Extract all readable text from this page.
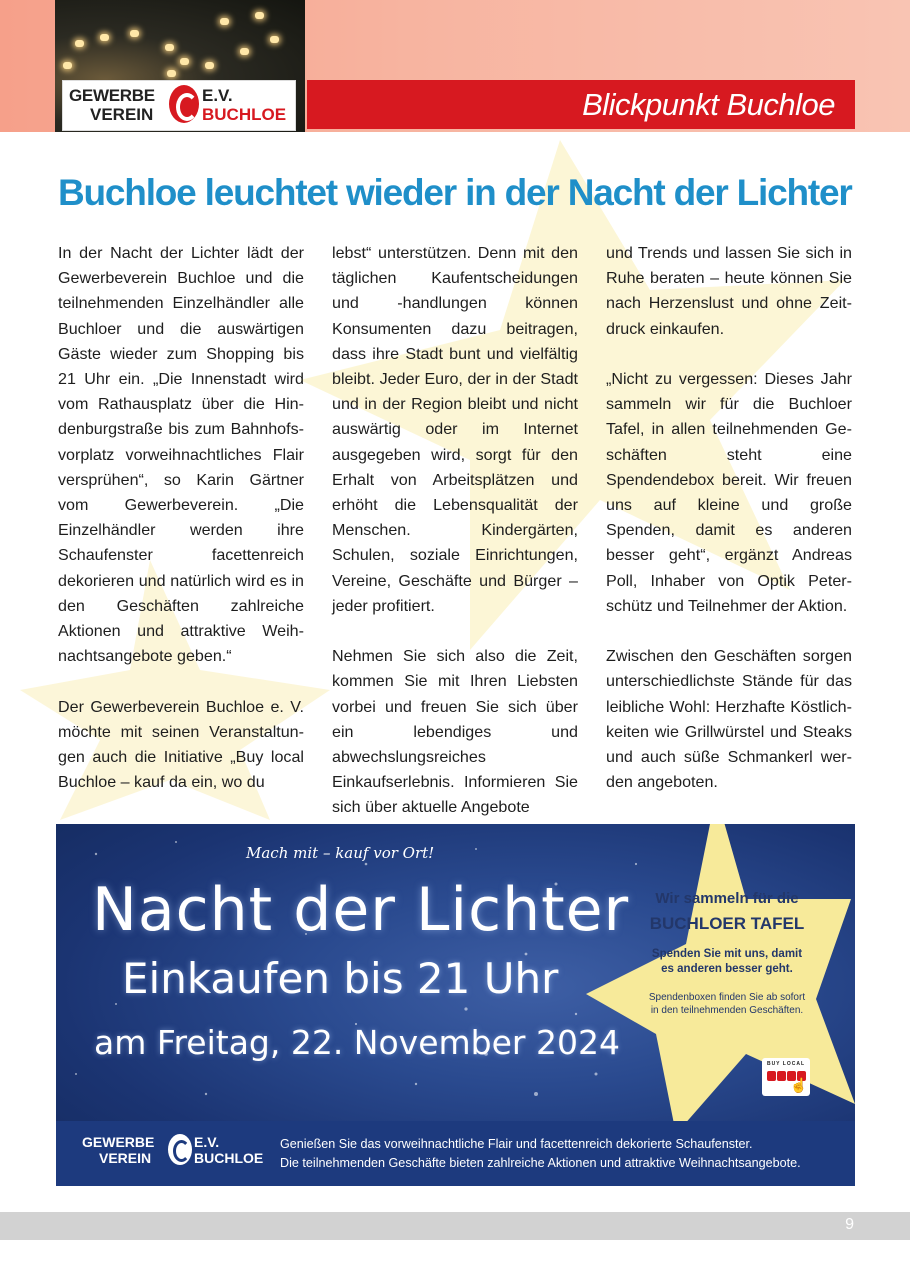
GEWERBE
VEREIN
E.V.
BUCHLOE	Blickpunkt Buchloe
Buchloe leuchtet wieder in der Nacht der Lichter

In der Nacht der Lichter lädt der Gewerbeverein Buchloe und die teilnehmenden Einzelhändler alle Buchloer und die auswärtigen Gäste wieder zum Shopping bis 21 Uhr ein. „Die Innenstadt wird vom Rathausplatz über die Hindenburgstraße bis zum Bahnhofsvorplatz vorweihnachtliches Flair versprühen“, so Karin Gärtner vom Gewerbeverein. „Die Einzelhändler werden ihre Schaufenster facettenreich dekorieren und natürlich wird es in den Geschäften zahlreiche Aktionen und attraktive Weihnachtsangebote geben.“

Der Gewerbeverein Buchloe e. V. möchte mit seinen Veranstaltungen auch die Initiative „Buy local Buchloe – kauf da ein, wo du

lebst“ unterstützen. Denn mit den täglichen Kaufentscheidungen und -handlungen können Konsumenten dazu beitragen, dass ihre Stadt bunt und vielfältig bleibt. Jeder Euro, der in der Stadt und in der Region bleibt und nicht auswärtig oder im Internet ausgegeben wird, sorgt für den Erhalt von Arbeitsplätzen und erhöht die Lebensqualität der Menschen. Kindergärten, Schulen, soziale Einrichtungen, Vereine, Geschäfte und Bürger – jeder profitiert.

Nehmen Sie sich also die Zeit, kommen Sie mit Ihren Liebsten vorbei und freuen Sie sich über ein lebendiges und abwechslungsreiches Einkaufserlebnis. Informieren Sie sich über aktuelle Angebote

und Trends und lassen Sie sich in Ruhe beraten – heute können Sie nach Herzenslust und ohne Zeitdruck einkaufen.

„Nicht zu vergessen: Dieses Jahr sammeln wir für die Buchloer Tafel, in allen teilnehmenden Geschäften steht eine Spendendebox bereit. Wir freuen uns auf kleine und große Spenden, damit es anderen besser geht“, ergänzt Andreas Poll, Inhaber von Optik Peterschütz und Teilnehmer der Aktion.

Zwischen den Geschäften sorgen unterschiedlichste Stände für das leibliche Wohl: Herzhafte Köstlichkeiten wie Grillwürstel und Steaks und auch süße Schmankerl werden angeboten.

Mach mit – kauf vor Ort!
Nacht der Lichter
Einkaufen bis 21 Uhr
am Freitag, 22. November 2024
Wir sammeln für die
BUCHLOER TAFEL
Spenden Sie mit uns, damit
es anderen besser geht.
Spendenboxen finden Sie ab sofort
in den teilnehmenden Geschäften.
BUY LOCAL
☝
GEWERBE
VEREIN
E.V.
BUCHLOE
Genießen Sie das vorweihnachtliche Flair und facettenreich dekorierte Schaufenster.
Die teilnehmenden Geschäfte bieten zahlreiche Aktionen und attraktive Weihnachtsangebote.
9
